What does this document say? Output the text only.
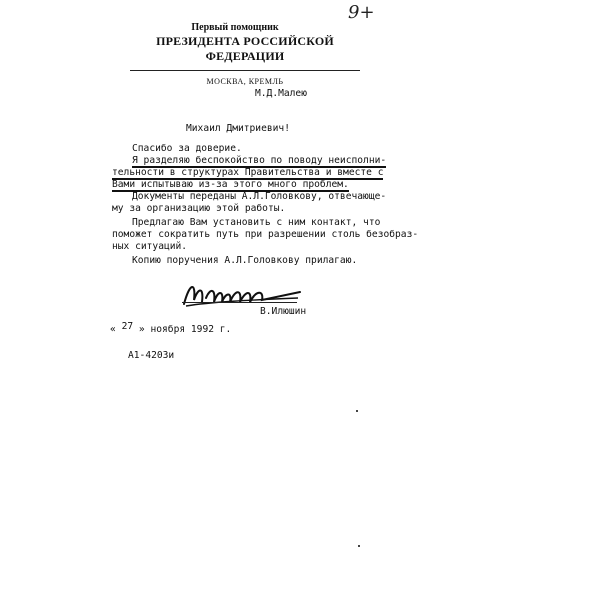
9+
Первый помощник
ПРЕЗИДЕНТА РОССИЙСКОЙ ФЕДЕРАЦИИ
МОСКВА, КРЕМЛЬ
М.Д.Малею
Михаил Дмитриевич!
Спасибо за доверие.
Я разделяю беспокойство по поводу неисполни-
тельности в структурах Правительства и вместе с
Вами испытываю из-за этого много проблем.
Документы переданы А.Л.Головкову, отвечающе-
му за организацию этой работы.
Предлагаю Вам установить с ним контакт, что
поможет сократить путь при разрешении столь безобраз-
ных ситуаций.
Копию поручения А.Л.Головкову прилагаю.
В.Илюшин
« 27 » ноября 1992 г.
А1-4203и
